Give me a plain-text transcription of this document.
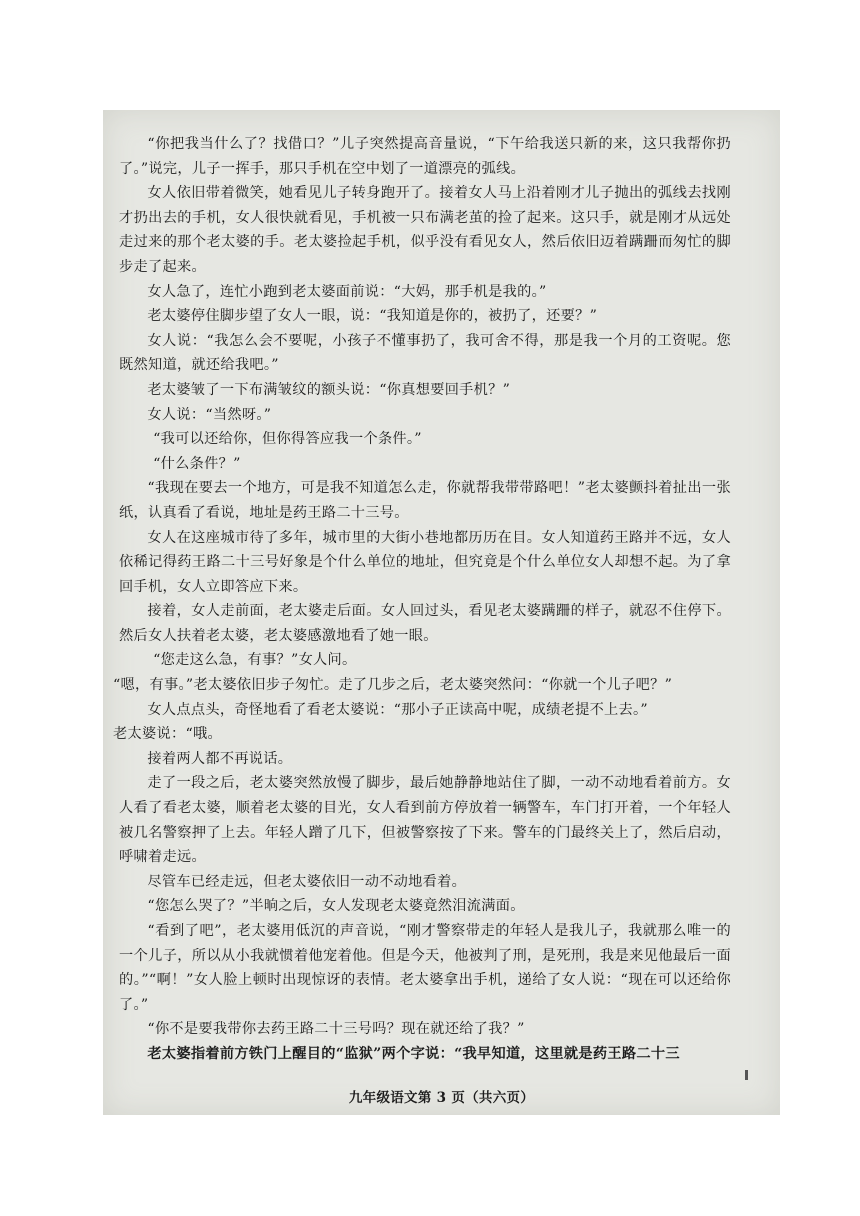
“你把我当什么了？找借口？”儿子突然提高音量说，“下午给我送只新的来，这只我帮你扔了。”说完，儿子一挥手，那只手机在空中划了一道漂亮的弧线。

女人依旧带着微笑，她看见儿子转身跑开了。接着女人马上沿着刚才儿子抛出的弧线去找刚才扔出去的手机，女人很快就看见，手机被一只布满老茧的捡了起来。这只手，就是刚才从远处走过来的那个老太婆的手。老太婆捡起手机，似乎没有看见女人，然后依旧迈着蹒跚而匆忙的脚步走了起来。

女人急了，连忙小跑到老太婆面前说：“大妈，那手机是我的。”

老太婆停住脚步望了女人一眼，说：“我知道是你的，被扔了，还要？”

女人说：“我怎么会不要呢，小孩子不懂事扔了，我可舍不得，那是我一个月的工资呢。您既然知道，就还给我吧。”

老太婆皱了一下布满皱纹的额头说：“你真想要回手机？”

女人说：“当然呀。”

“我可以还给你，但你得答应我一个条件。”

“什么条件？”

“我现在要去一个地方，可是我不知道怎么走，你就帮我带带路吧！”老太婆颤抖着扯出一张纸，认真看了看说，地址是药王路二十三号。

女人在这座城市待了多年，城市里的大街小巷地都历历在目。女人知道药王路并不远，女人依稀记得药王路二十三号好象是个什么单位的地址，但究竟是个什么单位女人却想不起。为了拿回手机，女人立即答应下来。

接着，女人走前面，老太婆走后面。女人回过头，看见老太婆蹒跚的样子，就忍不住停下。然后女人扶着老太婆，老太婆感激地看了她一眼。

“您走这么急，有事？”女人问。

“嗯，有事。”老太婆依旧步子匆忙。走了几步之后，老太婆突然问：“你就一个儿子吧？”

女人点点头，奇怪地看了看老太婆说：“那小子正读高中呢，成绩老提不上去。”

老太婆说：“哦。

接着两人都不再说话。

走了一段之后，老太婆突然放慢了脚步，最后她静静地站住了脚，一动不动地看着前方。女人看了看老太婆，顺着老太婆的目光，女人看到前方停放着一辆警车，车门打开着，一个年轻人被几名警察押了上去。年轻人蹭了几下，但被警察按了下来。警车的门最终关上了，然后启动，呼啸着走远。

尽管车已经走远，但老太婆依旧一动不动地看着。

“您怎么哭了？”半晌之后，女人发现老太婆竟然泪流满面。

“看到了吧”，老太婆用低沉的声音说，“刚才警察带走的年轻人是我儿子，我就那么唯一的一个儿子，所以从小我就惯着他宠着他。但是今天，他被判了刑，是死刑，我是来见他最后一面的。”“啊！”女人脸上顿时出现惊讶的表情。老太婆拿出手机，递给了女人说：“现在可以还给你了。”

“你不是要我带你去药王路二十三号吗？现在就还给了我？”

老太婆指着前方铁门上醒目的“监狱”两个字说：“我早知道，这里就是药王路二十三

九年级语文第 3 页（共六页）
